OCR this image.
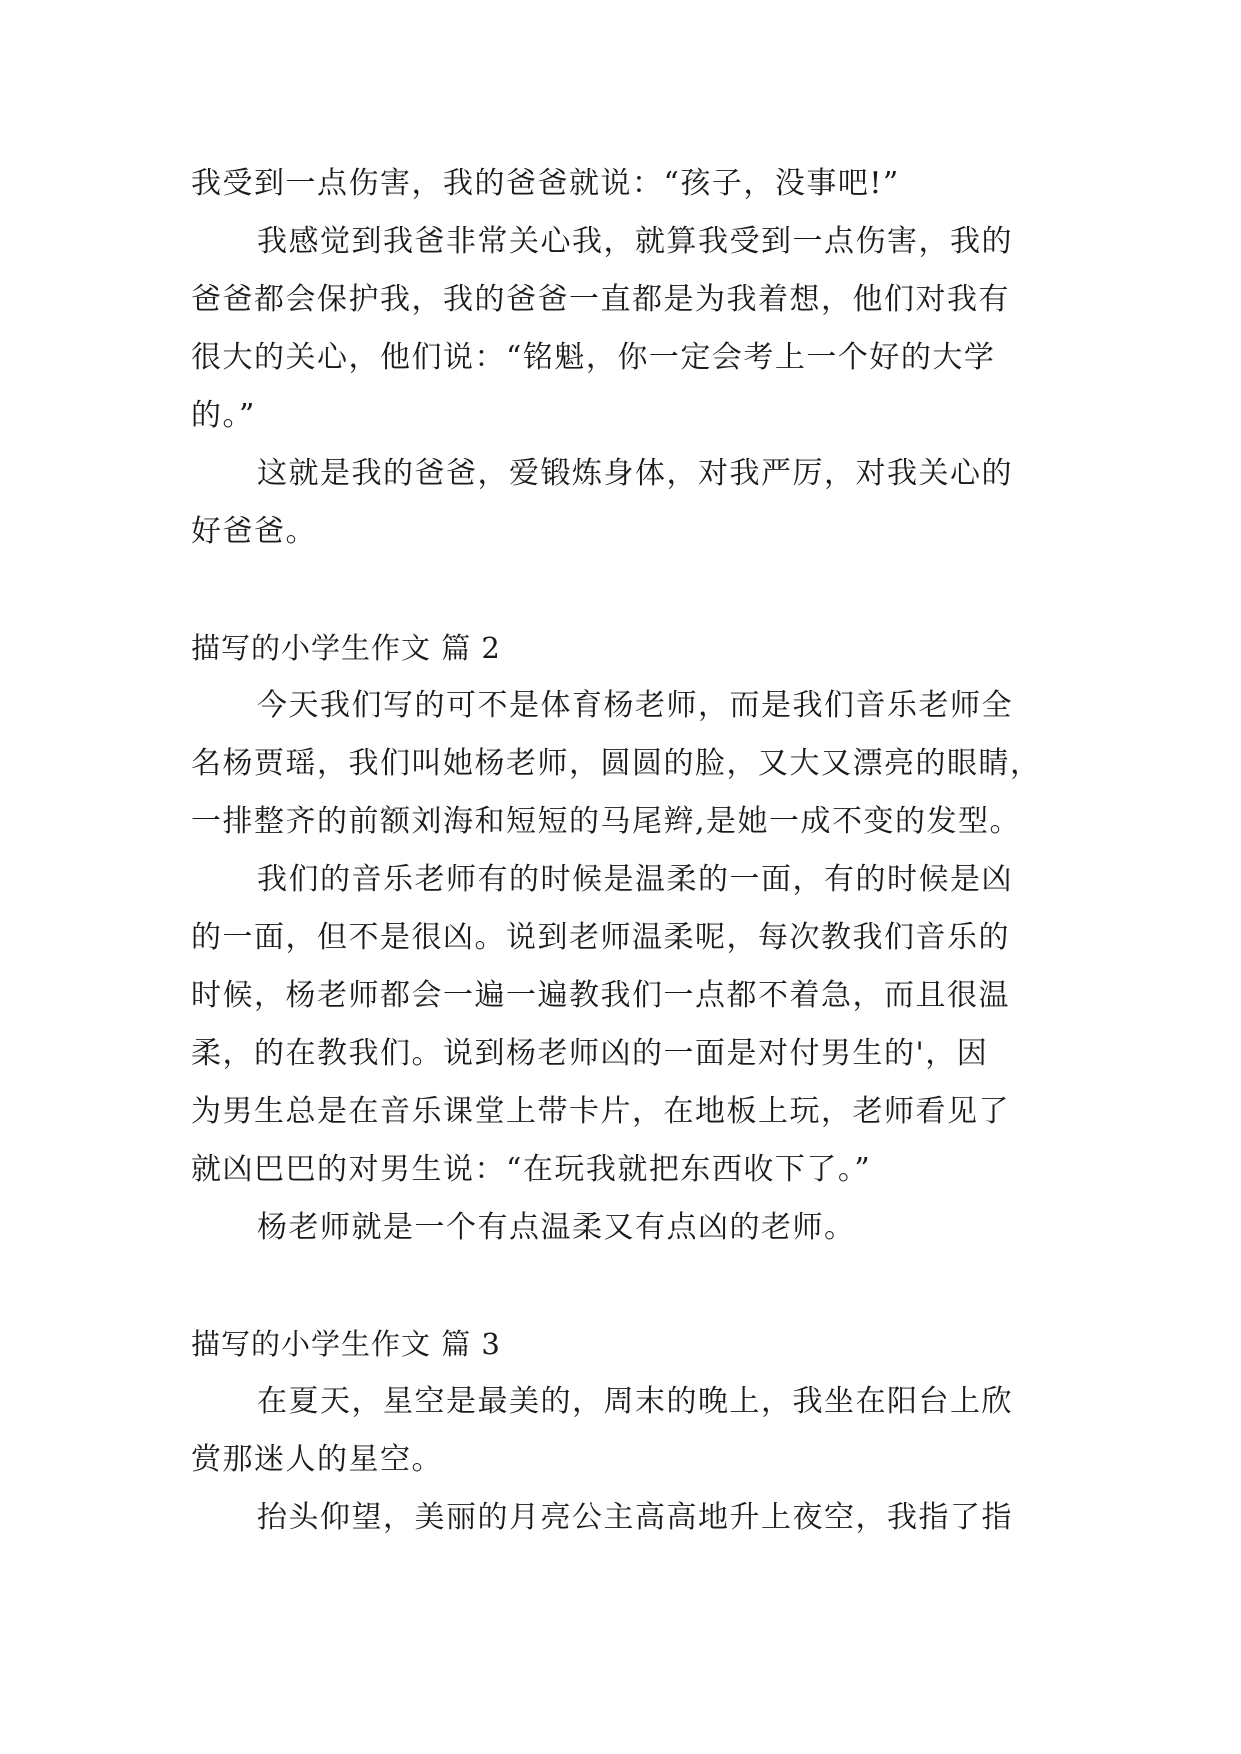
我受到一点伤害，我的爸爸就说：“孩子，没事吧!”
我感觉到我爸非常关心我，就算我受到一点伤害，我的
爸爸都会保护我，我的爸爸一直都是为我着想，他们对我有
很大的关心，他们说：“铭魁，你一定会考上一个好的大学
的。”
这就是我的爸爸，爱锻炼身体，对我严厉，对我关心的
好爸爸。
描写的小学生作文 篇 2
今天我们写的可不是体育杨老师，而是我们音乐老师全
名杨贾瑶，我们叫她杨老师，圆圆的脸，又大又漂亮的眼睛，
一排整齐的前额刘海和短短的马尾辫,是她一成不变的发型。
我们的音乐老师有的时候是温柔的一面，有的时候是凶
的一面，但不是很凶。说到老师温柔呢，每次教我们音乐的
时候，杨老师都会一遍一遍教我们一点都不着急，而且很温
柔，的在教我们。说到杨老师凶的一面是对付男生的'，因
为男生总是在音乐课堂上带卡片，在地板上玩，老师看见了
就凶巴巴的对男生说：“在玩我就把东西收下了。”
杨老师就是一个有点温柔又有点凶的老师。
描写的小学生作文 篇 3
在夏天，星空是最美的，周末的晚上，我坐在阳台上欣
赏那迷人的星空。
抬头仰望，美丽的月亮公主高高地升上夜空，我指了指
